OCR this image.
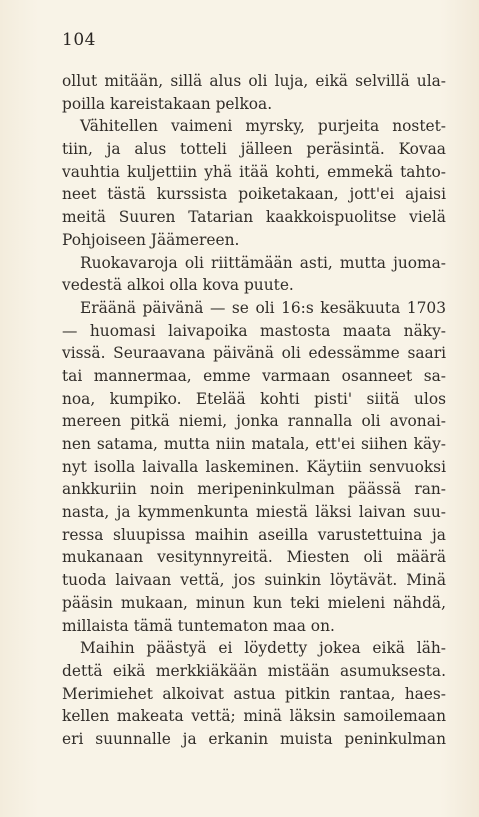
104
ollut mitään, sillä alus oli luja, eikä selvillä ula-
poilla kareistakaan pelkoa.
Vähitellen vaimeni myrsky, purjeita nostet-
tiin, ja alus totteli jälleen peräsintä. Kovaa
vauhtia kuljettiin yhä itää kohti, emmekä tahto-
neet tästä kurssista poiketakaan, jott'ei ajaisi
meitä Suuren Tatarian kaakkoispuolitse vielä
Pohjoiseen Jäämereen.
Ruokavaroja oli riittämään asti, mutta juoma-
vedestä alkoi olla kova puute.
Eräänä päivänä — se oli 16:s kesäkuuta 1703
— huomasi laivapoika mastosta maata näky-
vissä. Seuraavana päivänä oli edessämme saari
tai mannermaa, emme varmaan osanneet sa-
noa, kumpiko. Etelää kohti pisti' siitä ulos
mereen pitkä niemi, jonka rannalla oli avonai-
nen satama, mutta niin matala, ett'ei siihen käy-
nyt isolla laivalla laskeminen. Käytiin senvuoksi
ankkuriin noin meripeninkulman päässä ran-
nasta, ja kymmenkunta miestä läksi laivan suu-
ressa sluupissa maihin aseilla varustettuina ja
mukanaan vesitynnyreitä. Miesten oli määrä
tuoda laivaan vettä, jos suinkin löytävät. Minä
pääsin mukaan, minun kun teki mieleni nähdä,
millaista tämä tuntematon maa on.
Maihin päästyä ei löydetty jokea eikä läh-
dettä eikä merkkiäkään mistään asumuksesta.
Merimiehet alkoivat astua pitkin rantaa, haes-
kellen makeata vettä; minä läksin samoilemaan
eri suunnalle ja erkanin muista peninkulman
